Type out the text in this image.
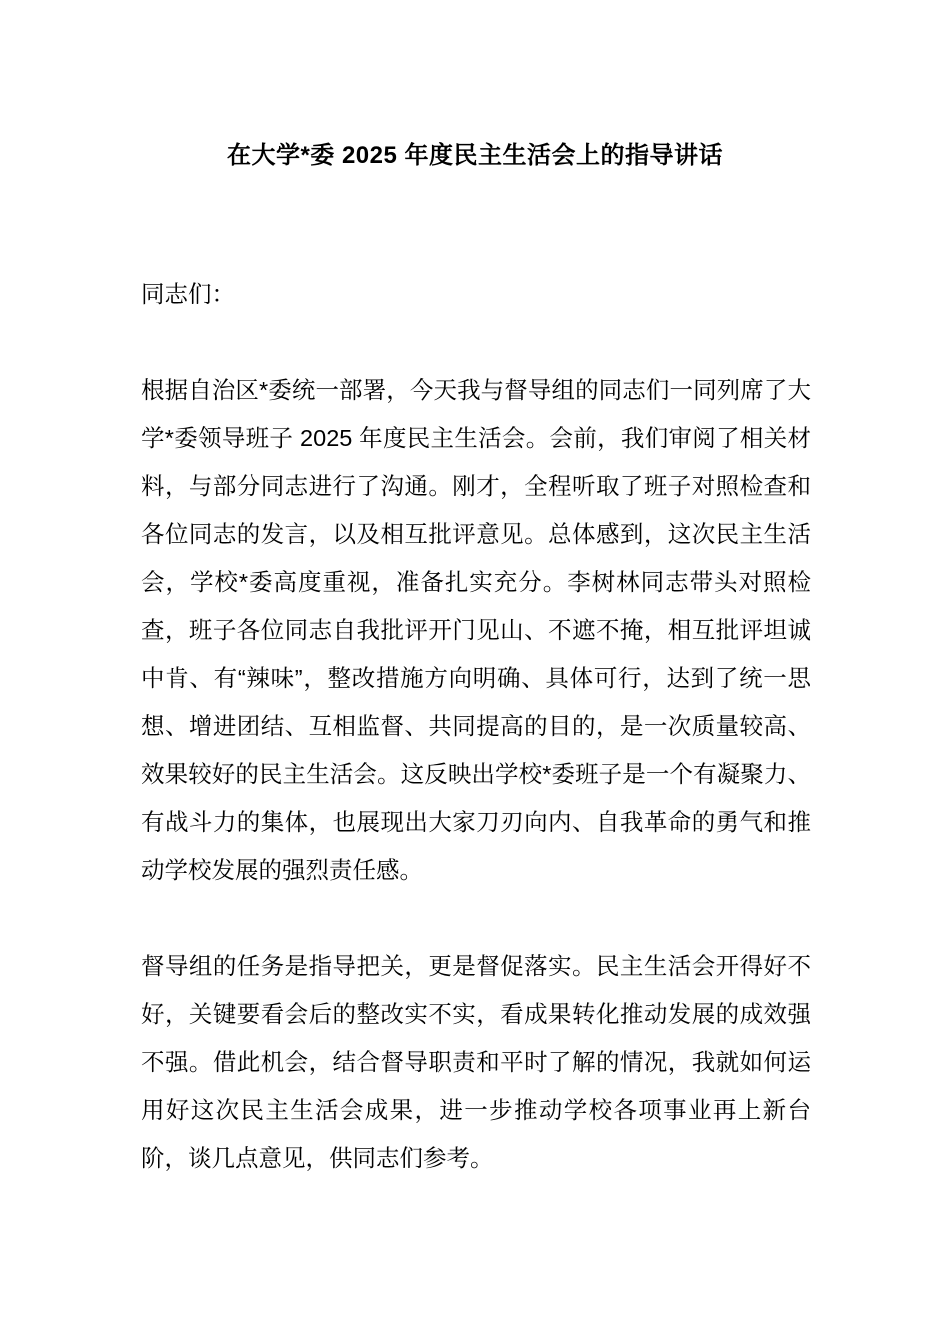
在大学*委 2025 年度民主生活会上的指导讲话

同志们：

根据自治区*委统一部署，今天我与督导组的同志们一同列席了大学*委领导班子 2025 年度民主生活会。会前，我们审阅了相关材料，与部分同志进行了沟通。刚才，全程听取了班子对照检查和各位同志的发言，以及相互批评意见。总体感到，这次民主生活会，学校*委高度重视，准备扎实充分。李树林同志带头对照检查，班子各位同志自我批评开门见山、不遮不掩，相互批评坦诚中肯、有“辣味”，整改措施方向明确、具体可行，达到了统一思想、增进团结、互相监督、共同提高的目的，是一次质量较高、效果较好的民主生活会。这反映出学校*委班子是一个有凝聚力、有战斗力的集体，也展现出大家刀刃向内、自我革命的勇气和推动学校发展的强烈责任感。

督导组的任务是指导把关，更是督促落实。民主生活会开得好不好，关键要看会后的整改实不实，看成果转化推动发展的成效强不强。借此机会，结合督导职责和平时了解的情况，我就如何运用好这次民主生活会成果，进一步推动学校各项事业再上新台阶，谈几点意见，供同志们参考。
